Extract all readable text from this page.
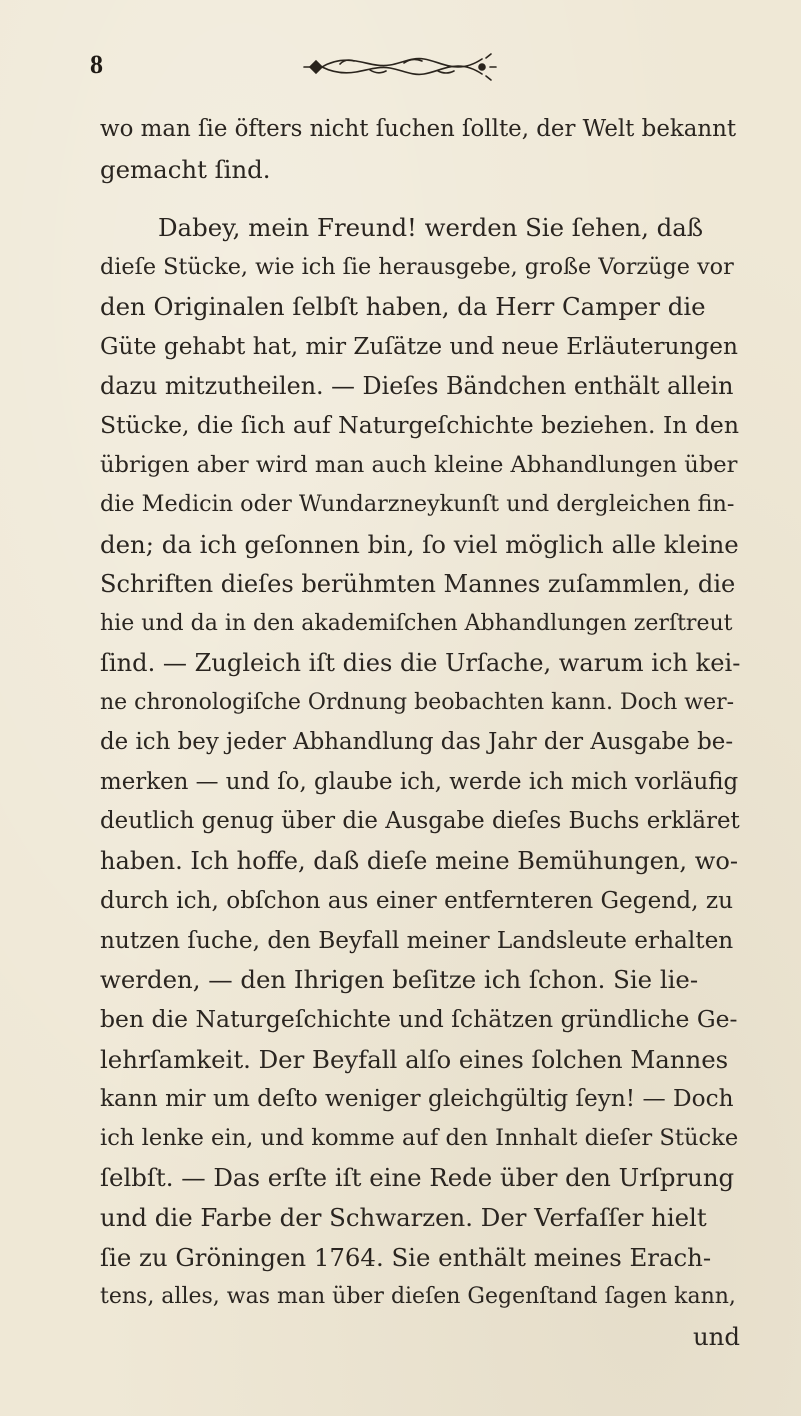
8
wo man ſie öfters nicht ſuchen ſollte, der Welt bekannt
gemacht ſind.
Dabey, mein Freund! werden Sie ſehen, daß
dieſe Stücke, wie ich ſie herausgebe, große Vorzüge vor
den Originalen ſelbſt haben, da Herr Camper die
Güte gehabt hat, mir Zuſätze und neue Erläuterungen
dazu mitzutheilen. — Dieſes Bändchen enthält allein
Stücke, die ſich auf Naturgeſchichte beziehen. In den
übrigen aber wird man auch kleine Abhandlungen über
die Medicin oder Wundarzneykunſt und dergleichen fin-
den; da ich geſonnen bin, ſo viel möglich alle kleine
Schriften dieſes berühmten Mannes zuſammlen, die
hie und da in den akademiſchen Abhandlungen zerſtreut
ſind. — Zugleich iſt dies die Urſache, warum ich kei-
ne chronologiſche Ordnung beobachten kann. Doch wer-
de ich bey jeder Abhandlung das Jahr der Ausgabe be-
merken — und ſo, glaube ich, werde ich mich vorläufig
deutlich genug über die Ausgabe dieſes Buchs erkläret
haben. Ich hoffe, daß dieſe meine Bemühungen, wo-
durch ich, obſchon aus einer entfernteren Gegend, zu
nutzen ſuche, den Beyfall meiner Landsleute erhalten
werden, — den Ihrigen beſitze ich ſchon. Sie lie-
ben die Naturgeſchichte und ſchätzen gründliche Ge-
lehrſamkeit. Der Beyfall alſo eines ſolchen Mannes
kann mir um deſto weniger gleichgültig ſeyn! — Doch
ich lenke ein, und komme auf den Innhalt dieſer Stücke
ſelbſt. — Das erſte iſt eine Rede über den Urſprung
und die Farbe der Schwarzen. Der Verfaſſer hielt
ſie zu Gröningen 1764. Sie enthält meines Erach-
tens, alles, was man über dieſen Gegenſtand ſagen kann,
und
